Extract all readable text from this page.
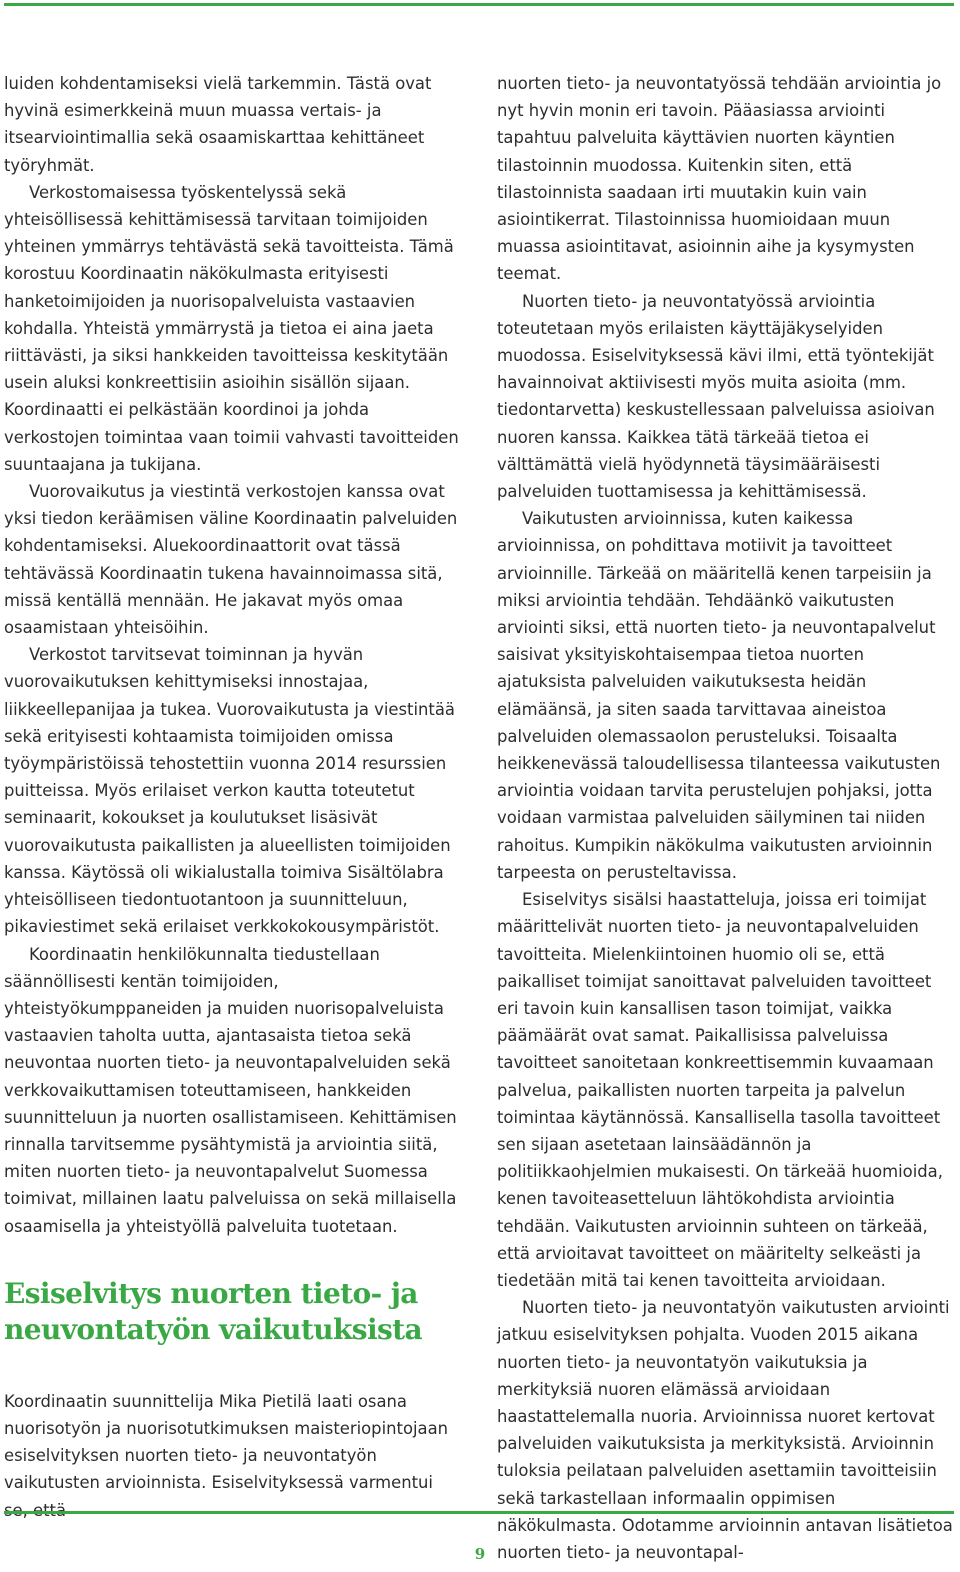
luiden kohdentamiseksi vielä tarkemmin. Tästä ovat hyvinä esimerkkeinä muun muassa vertais- ja itsearviointimallia sekä osaamiskarttaa kehittäneet työryhmät.

Verkostomaisessa työskentelyssä sekä yhteisöllisessä kehittämisessä tarvitaan toimijoiden yhteinen ymmärrys tehtävästä sekä tavoitteista. Tämä korostuu Koordinaatin näkökulmasta erityisesti hanketoimijoiden ja nuorisopalveluista vastaavien kohdalla. Yhteistä ymmärrystä ja tietoa ei aina jaeta riittävästi, ja siksi hankkeiden tavoitteissa keskitytään usein aluksi konkreettisiin asioihin sisällön sijaan. Koordinaatti ei pelkästään koordinoi ja johda verkostojen toimintaa vaan toimii vahvasti tavoitteiden suuntaajana ja tukijana.

Vuorovaikutus ja viestintä verkostojen kanssa ovat yksi tiedon keräämisen väline Koordinaatin palveluiden kohdentamiseksi. Aluekoordinaattorit ovat tässä tehtävässä Koordinaatin tukena havainnoimassa sitä, missä kentällä mennään. He jakavat myös omaa osaamistaan yhteisöihin.

Verkostot tarvitsevat toiminnan ja hyvän vuorovaikutuksen kehittymiseksi innostajaa, liikkeellepanijaa ja tukea. Vuorovaikutusta ja viestintää sekä erityisesti kohtaamista toimijoiden omissa työympäristöissä tehostettiin vuonna 2014 resurssien puitteissa. Myös erilaiset verkon kautta toteutetut seminaarit, kokoukset ja koulutukset lisäsivät vuorovaikutusta paikallisten ja alueellisten toimijoiden kanssa. Käytössä oli wikialustalla toimiva Sisältölabra yhteisölliseen tiedontuotantoon ja suunnitteluun, pikaviestimet sekä erilaiset verkkokokousympäristöt.

Koordinaatin henkilökunnalta tiedustellaan säännöllisesti kentän toimijoiden, yhteistyökumppaneiden ja muiden nuorisopalveluista vastaavien taholta uutta, ajantasaista tietoa sekä neuvontaa nuorten tieto- ja neuvontapalveluiden sekä verkkovaikuttamisen toteuttamiseen, hankkeiden suunnitteluun ja nuorten osallistamiseen. Kehittämisen rinnalla tarvitsemme pysähtymistä ja arviointia siitä, miten nuorten tieto- ja neuvontapalvelut Suomessa toimivat, millainen laatu palveluissa on sekä millaisella osaamisella ja yhteistyöllä palveluita tuotetaan.

Esiselvitys nuorten tieto- ja neuvontatyön vaikutuksista

Koordinaatin suunnittelija Mika Pietilä laati osana nuorisotyön ja nuorisotutkimuksen maisteriopintojaan esiselvityksen nuorten tieto- ja neuvontatyön vaikutusten arvioinnista. Esiselvityksessä varmentui

nuorten tieto- ja neuvontatyössä tehdään arviointia jo nyt hyvin monin eri tavoin. Pääasiassa arviointi tapahtuu palveluita käyttävien nuorten käyntien tilastoinnin muodossa. Kuitenkin siten, että tilastoinnista saadaan irti muutakin kuin vain asiointikerrat. Tilastoinnissa huomioidaan muun muassa asiointitavat, asioinnin aihe ja kysymysten teemat.

Nuorten tieto- ja neuvontatyössä arviointia toteutetaan myös erilaisten käyttäjäkyselyiden muodossa. Esiselvityksessä kävi ilmi, että työntekijät havainnoivat aktiivisesti myös muita asioita (mm. tiedontarvetta) keskustellessaan palveluissa asioivan nuoren kanssa. Kaikkea tätä tärkeää tietoa ei välttämättä vielä hyödynnetä täysimääräisesti palveluiden tuottamisessa ja kehittämisessä.

Vaikutusten arvioinnissa, kuten kaikessa arvioinnissa, on pohdittava motiivit ja tavoitteet arvioinnille. Tärkeää on määritellä kenen tarpeisiin ja miksi arviointia tehdään. Tehdäänkö vaikutusten arviointi siksi, että nuorten tieto- ja neuvontapalvelut saisivat yksityiskohtaisempaa tietoa nuorten ajatuksista palveluiden vaikutuksesta heidän elämäänsä, ja siten saada tarvittavaa aineistoa palveluiden olemassaolon perusteluksi. Toisaalta heikkenevässä taloudellisessa tilanteessa vaikutusten arviointia voidaan tarvita perustelujen pohjaksi, jotta voidaan varmistaa palveluiden säilyminen tai niiden rahoitus. Kumpikin näkökulma vaikutusten arvioinnin tarpeesta on perusteltavissa.

Esiselvitys sisälsi haastatteluja, joissa eri toimijat määrittelivät nuorten tieto- ja neuvontapalveluiden tavoitteita. Mielenkiintoinen huomio oli se, että paikalliset toimijat sanoittavat palveluiden tavoitteet eri tavoin kuin kansallisen tason toimijat, vaikka päämäärät ovat samat. Paikallisissa palveluissa tavoitteet sanoitetaan konkreettisemmin kuvaamaan palvelua, paikallisten nuorten tarpeita ja palvelun toimintaa käytännössä. Kansallisella tasolla tavoitteet sen sijaan asetetaan lainsäädännön ja politiikkaohjelmien mukaisesti. On tärkeää huomioida, kenen tavoiteasetteluun lähtökohdista arviointia tehdään. Vaikutusten arvioinnin suhteen on tärkeää, että arvioitavat tavoitteet on määritelty selkeästi ja tiedetään mitä tai kenen tavoitteita arvioidaan.

Nuorten tieto- ja neuvontatyön vaikutusten arviointi jatkuu esiselvityksen pohjalta. Vuoden 2015 aikana nuorten tieto- ja neuvontatyön vaikutuksia ja merkityksiä nuoren elämässä arvioidaan haastattelemalla nuoria. Arvioinnissa nuoret kertovat palveluiden vaikutuksista ja merkityksistä. Arvioinnin tuloksia peilataan palveluiden asettamiin tavoitteisiin sekä tarkastellaan informaalin oppimisen näkökulmasta. Odotamme arvioinnin antavan lisätietoa nuorten tieto- ja neuvontapal-

9
